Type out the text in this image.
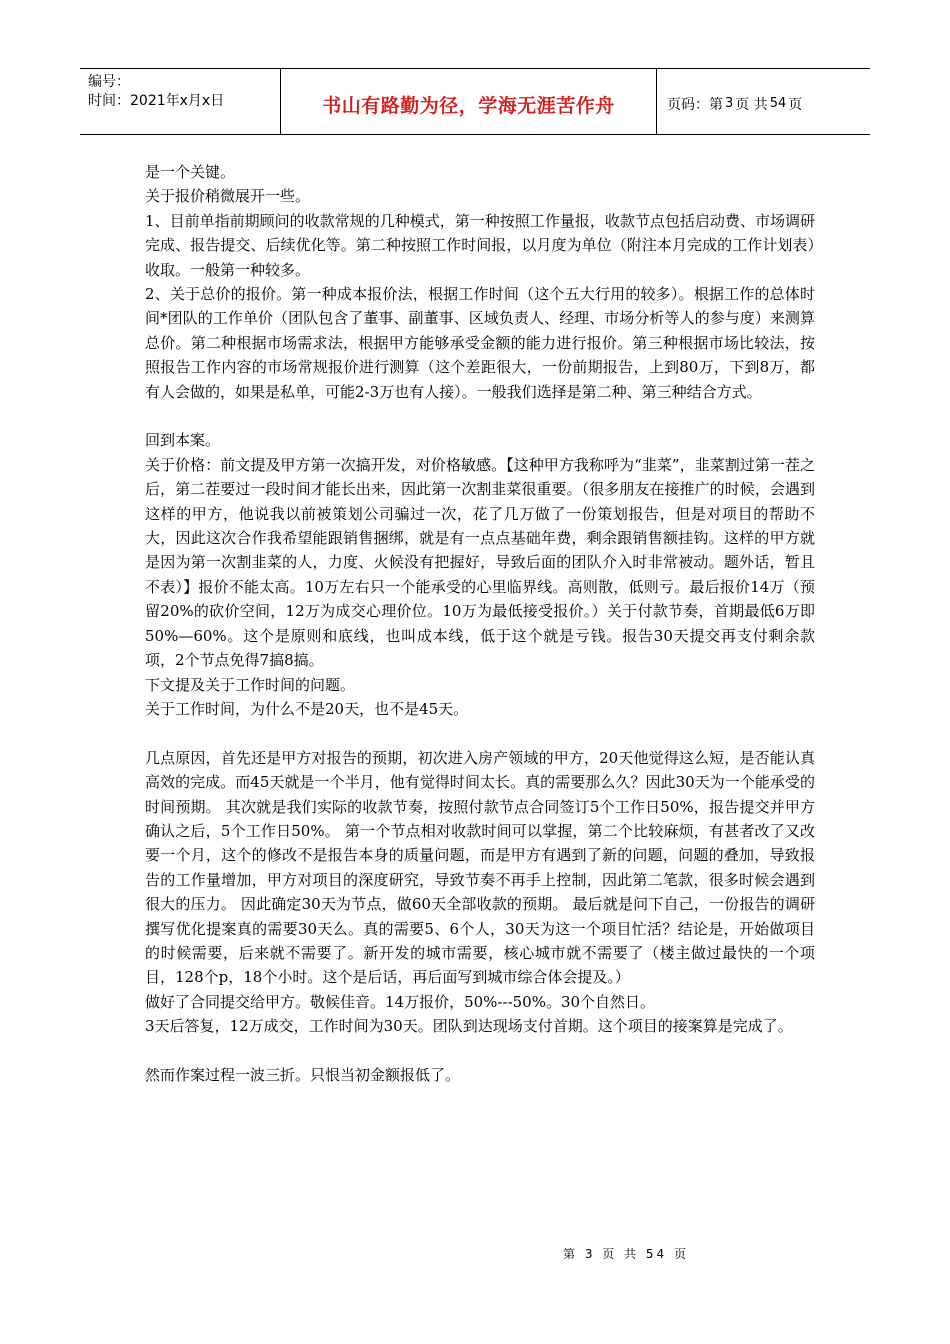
编号：
时间：2021年x月x日	书山有路勤为径，学海无涯苦作舟	页码：第 3 页 共 54 页

是一个关键。

关于报价稍微展开一些。

1、目前单指前期顾问的收款常规的几种模式，第一种按照工作量报，收款节点包括启动费、市场调研完成、报告提交、后续优化等。第二种按照工作时间报，以月度为单位（附注本月完成的工作计划表）收取。一般第一种较多。

2、关于总价的报价。第一种成本报价法，根据工作时间（这个五大行用的较多）。根据工作的总体时间*团队的工作单价（团队包含了董事、副董事、区域负责人、经理、市场分析等人的参与度）来测算总价。第二种根据市场需求法，根据甲方能够承受金额的能力进行报价。第三种根据市场比较法，按照报告工作内容的市场常规报价进行测算（这个差距很大，一份前期报告，上到80万，下到8万，都有人会做的，如果是私单，可能2-3万也有人接）。一般我们选择是第二种、第三种结合方式。

回到本案。

关于价格：前文提及甲方第一次搞开发，对价格敏感。【这种甲方我称呼为“韭菜”，韭菜割过第一茬之后，第二茬要过一段时间才能长出来，因此第一次割韭菜很重要。（很多朋友在接推广的时候，会遇到这样的甲方，他说我以前被策划公司骗过一次，花了几万做了一份策划报告，但是对项目的帮助不大，因此这次合作我希望能跟销售捆绑，就是有一点点基础年费，剩余跟销售额挂钩。这样的甲方就是因为第一次割韭菜的人，力度、火候没有把握好，导致后面的团队介入时非常被动。题外话，暂且不表）】报价不能太高。10万左右只一个能承受的心里临界线。高则散，低则亏。最后报价14万（预留20%的砍价空间，12万为成交心理价位。10万为最低接受报价。）关于付款节奏，首期最低6万即50%—60%。这个是原则和底线，也叫成本线，低于这个就是亏钱。报告30天提交再支付剩余款项，2个节点免得7搞8搞。

下文提及关于工作时间的问题。

关于工作时间，为什么不是20天，也不是45天。

几点原因，首先还是甲方对报告的预期，初次进入房产领域的甲方，20天他觉得这么短，是否能认真高效的完成。而45天就是一个半月，他有觉得时间太长。真的需要那么久？因此30天为一个能承受的时间预期。 其次就是我们实际的收款节奏，按照付款节点合同签订5个工作日50%，报告提交并甲方确认之后，5个工作日50%。 第一个节点相对收款时间可以掌握，第二个比较麻烦，有甚者改了又改要一个月，这个的修改不是报告本身的质量问题，而是甲方有遇到了新的问题，问题的叠加，导致报告的工作量增加，甲方对项目的深度研究，导致节奏不再手上控制，因此第二笔款，很多时候会遇到很大的压力。 因此确定30天为节点，做60天全部收款的预期。 最后就是问下自己，一份报告的调研撰写优化提案真的需要30天么。真的需要5、6个人，30天为这一个项目忙活？结论是，开始做项目的时候需要，后来就不需要了。新开发的城市需要，核心城市就不需要了（楼主做过最快的一个项目，128个p，18个小时。这个是后话，再后面写到城市综合体会提及。）

做好了合同提交给甲方。敬候佳音。14万报价，50%---50%。30个自然日。

3天后答复，12万成交，工作时间为30天。团队到达现场支付首期。这个项目的接案算是完成了。

然而作案过程一波三折。只恨当初金额报低了。

第 3 页 共 54 页
